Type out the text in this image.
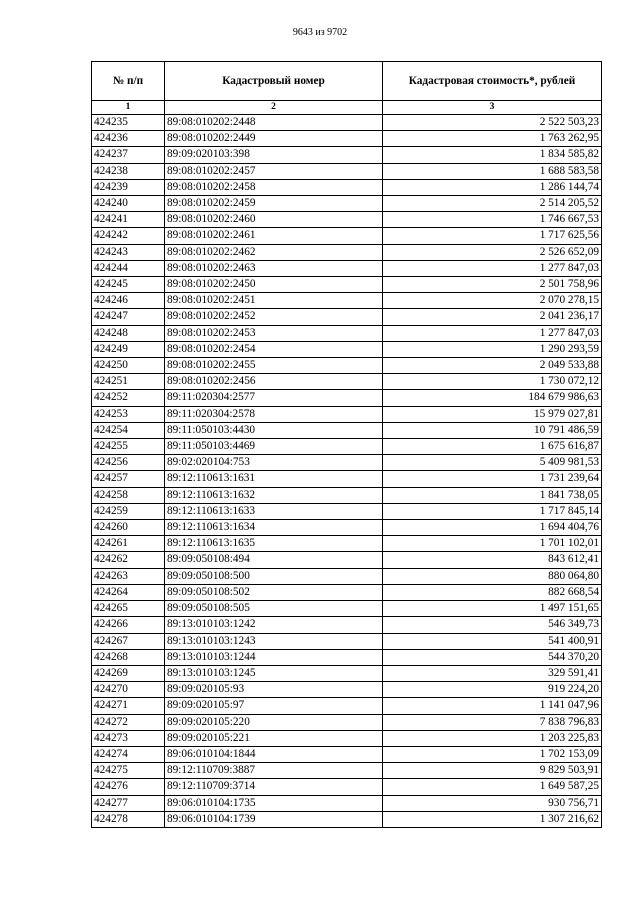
9643 из 9702
№ п/п	Кадастровый номер	Кадастровая стоимость*, рублей
1	2	3
424235	89:08:010202:2448	2 522 503,23
424236	89:08:010202:2449	1 763 262,95
424237	89:09:020103:398	1 834 585,82
424238	89:08:010202:2457	1 688 583,58
424239	89:08:010202:2458	1 286 144,74
424240	89:08:010202:2459	2 514 205,52
424241	89:08:010202:2460	1 746 667,53
424242	89:08:010202:2461	1 717 625,56
424243	89:08:010202:2462	2 526 652,09
424244	89:08:010202:2463	1 277 847,03
424245	89:08:010202:2450	2 501 758,96
424246	89:08:010202:2451	2 070 278,15
424247	89:08:010202:2452	2 041 236,17
424248	89:08:010202:2453	1 277 847,03
424249	89:08:010202:2454	1 290 293,59
424250	89:08:010202:2455	2 049 533,88
424251	89:08:010202:2456	1 730 072,12
424252	89:11:020304:2577	184 679 986,63
424253	89:11:020304:2578	15 979 027,81
424254	89:11:050103:4430	10 791 486,59
424255	89:11:050103:4469	1 675 616,87
424256	89:02:020104:753	5 409 981,53
424257	89:12:110613:1631	1 731 239,64
424258	89:12:110613:1632	1 841 738,05
424259	89:12:110613:1633	1 717 845,14
424260	89:12:110613:1634	1 694 404,76
424261	89:12:110613:1635	1 701 102,01
424262	89:09:050108:494	843 612,41
424263	89:09:050108:500	880 064,80
424264	89:09:050108:502	882 668,54
424265	89:09:050108:505	1 497 151,65
424266	89:13:010103:1242	546 349,73
424267	89:13:010103:1243	541 400,91
424268	89:13:010103:1244	544 370,20
424269	89:13:010103:1245	329 591,41
424270	89:09:020105:93	919 224,20
424271	89:09:020105:97	1 141 047,96
424272	89:09:020105:220	7 838 796,83
424273	89:09:020105:221	1 203 225,83
424274	89:06:010104:1844	1 702 153,09
424275	89:12:110709:3887	9 829 503,91
424276	89:12:110709:3714	1 649 587,25
424277	89:06:010104:1735	930 756,71
424278	89:06:010104:1739	1 307 216,62
